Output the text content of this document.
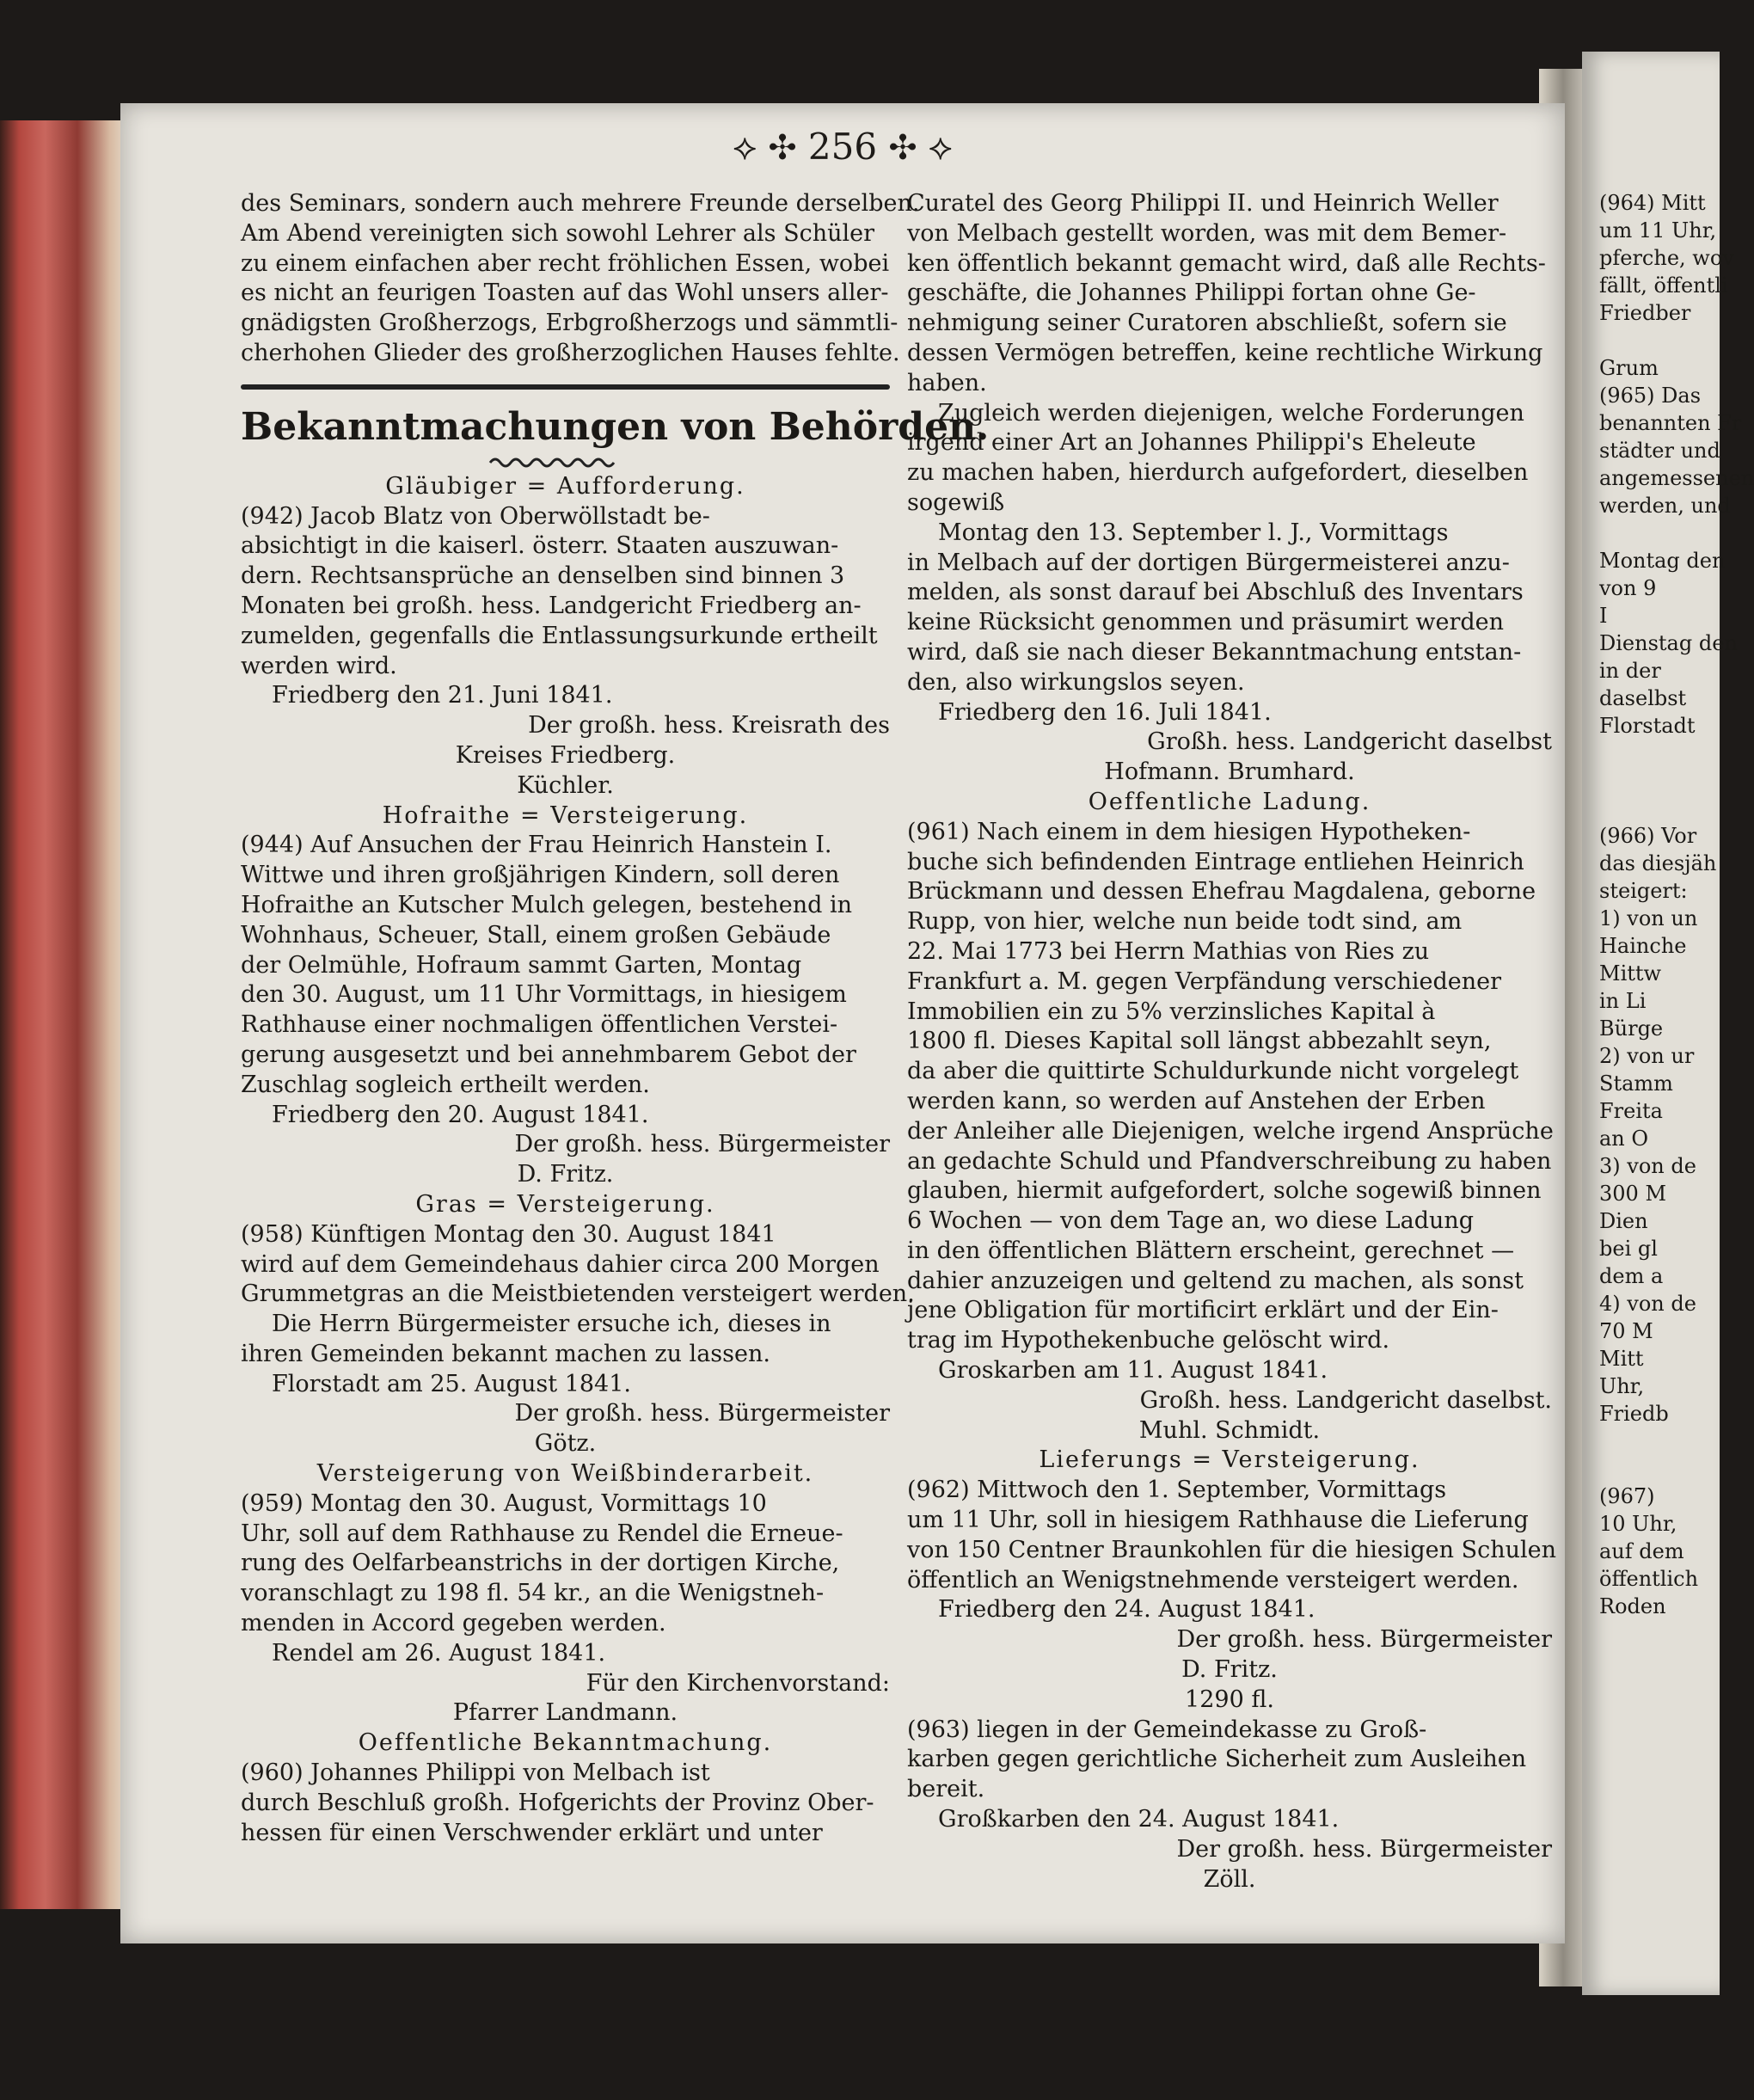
⟡ ✣ 256 ✣ ⟡
des Seminars, sondern auch mehrere Freunde derselben.
Am Abend vereinigten sich sowohl Lehrer als Schüler
zu einem einfachen aber recht fröhlichen Essen, wobei
es nicht an feurigen Toasten auf das Wohl unsers aller-
gnädigsten Großherzogs, Erbgroßherzogs und sämmtli-
cherhohen Glieder des großherzoglichen Hauses fehlte.
Bekanntmachungen von Behörden.
Gläubiger = Aufforderung.
(942) Jacob Blatz von Oberwöllstadt be-
absichtigt in die kaiserl. österr. Staaten auszuwan-
dern. Rechtsansprüche an denselben sind binnen 3
Monaten bei großh. hess. Landgericht Friedberg an-
zumelden, gegenfalls die Entlassungsurkunde ertheilt
werden wird.
Friedberg den 21. Juni 1841.
Der großh. hess. Kreisrath des
Kreises Friedberg.
Küchler.
Hofraithe = Versteigerung.
(944) Auf Ansuchen der Frau Heinrich Hanstein I.
Wittwe und ihren großjährigen Kindern, soll deren
Hofraithe an Kutscher Mulch gelegen, bestehend in
Wohnhaus, Scheuer, Stall, einem großen Gebäude
der Oelmühle, Hofraum sammt Garten, Montag
den 30. August, um 11 Uhr Vormittags, in hiesigem
Rathhause einer nochmaligen öffentlichen Verstei-
gerung ausgesetzt und bei annehmbarem Gebot der
Zuschlag sogleich ertheilt werden.
Friedberg den 20. August 1841.
Der großh. hess. Bürgermeister
D. Fritz.
Gras = Versteigerung.
(958) Künftigen Montag den 30. August 1841
wird auf dem Gemeindehaus dahier circa 200 Morgen
Grummetgras an die Meistbietenden versteigert werden.
Die Herrn Bürgermeister ersuche ich, dieses in
ihren Gemeinden bekannt machen zu lassen.
Florstadt am 25. August 1841.
Der großh. hess. Bürgermeister
Götz.
Versteigerung von Weißbinderarbeit.
(959) Montag den 30. August, Vormittags 10
Uhr, soll auf dem Rathhause zu Rendel die Erneue-
rung des Oelfarbeanstrichs in der dortigen Kirche,
voranschlagt zu 198 fl. 54 kr., an die Wenigstneh-
menden in Accord gegeben werden.
Rendel am 26. August 1841.
Für den Kirchenvorstand:
Pfarrer Landmann.
Oeffentliche Bekanntmachung.
(960) Johannes Philippi von Melbach ist
durch Beschluß großh. Hofgerichts der Provinz Ober-
hessen für einen Verschwender erklärt und unter
Curatel des Georg Philippi II. und Heinrich Weller
von Melbach gestellt worden, was mit dem Bemer-
ken öffentlich bekannt gemacht wird, daß alle Rechts-
geschäfte, die Johannes Philippi fortan ohne Ge-
nehmigung seiner Curatoren abschließt, sofern sie
dessen Vermögen betreffen, keine rechtliche Wirkung
haben.
Zugleich werden diejenigen, welche Forderungen
irgend einer Art an Johannes Philippi's Eheleute
zu machen haben, hierdurch aufgefordert, dieselben
sogewiß
Montag den 13. September l. J., Vormittags
in Melbach auf der dortigen Bürgermeisterei anzu-
melden, als sonst darauf bei Abschluß des Inventars
keine Rücksicht genommen und präsumirt werden
wird, daß sie nach dieser Bekanntmachung entstan-
den, also wirkungslos seyen.
Friedberg den 16. Juli 1841.
Großh. hess. Landgericht daselbst
Hofmann. Brumhard.
Oeffentliche Ladung.
(961) Nach einem in dem hiesigen Hypotheken-
buche sich befindenden Eintrage entliehen Heinrich
Brückmann und dessen Ehefrau Magdalena, geborne
Rupp, von hier, welche nun beide todt sind, am
22. Mai 1773 bei Herrn Mathias von Ries zu
Frankfurt a. M. gegen Verpfändung verschiedener
Immobilien ein zu 5% verzinsliches Kapital à
1800 fl. Dieses Kapital soll längst abbezahlt seyn,
da aber die quittirte Schuldurkunde nicht vorgelegt
werden kann, so werden auf Anstehen der Erben
der Anleiher alle Diejenigen, welche irgend Ansprüche
an gedachte Schuld und Pfandverschreibung zu haben
glauben, hiermit aufgefordert, solche sogewiß binnen
6 Wochen — von dem Tage an, wo diese Ladung
in den öffentlichen Blättern erscheint, gerechnet —
dahier anzuzeigen und geltend zu machen, als sonst
jene Obligation für mortificirt erklärt und der Ein-
trag im Hypothekenbuche gelöscht wird.
Groskarben am 11. August 1841.
Großh. hess. Landgericht daselbst.
Muhl. Schmidt.
Lieferungs = Versteigerung.
(962) Mittwoch den 1. September, Vormittags
um 11 Uhr, soll in hiesigem Rathhause die Lieferung
von 150 Centner Braunkohlen für die hiesigen Schulen
öffentlich an Wenigstnehmende versteigert werden.
Friedberg den 24. August 1841.
Der großh. hess. Bürgermeister
D. Fritz.
1290 fl.
(963) liegen in der Gemeindekasse zu Groß-
karben gegen gerichtliche Sicherheit zum Ausleihen
bereit.
Großkarben den 24. August 1841.
Der großh. hess. Bürgermeister
Zöll.
(964) Mitt
um 11 Uhr,
pferche, wov
fällt, öffentli
Friedber

Grum
(965) Das
benannten Fr
städter und
angemessenen
werden, und

Montag den
von 9
I
Dienstag den
in der
daselbst
Florstadt

(966) Vor
das diesjäh
steigert:
1) von un
Hainche
Mittw
in Li
Bürge
2) von ur
Stamm
Freita
an O
3) von de
300 M
Dien
bei gl
dem a
4) von de
70 M
Mitt
Uhr,
Friedb

(967)
10 Uhr,
auf dem
öffentlich
Roden
